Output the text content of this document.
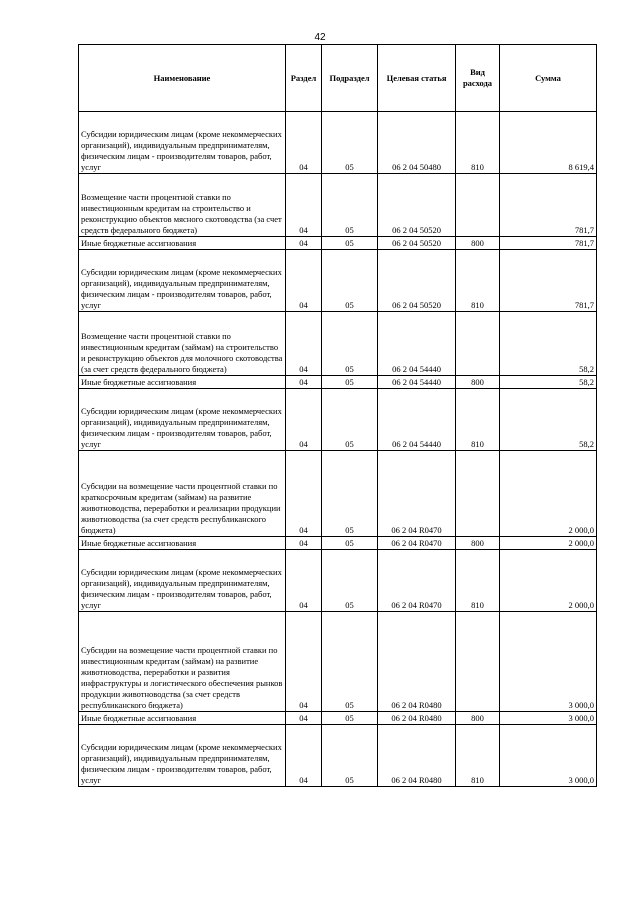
42
Наименование	Раздел	Подраздел	Целевая статья	Вид расхода	Сумма
Субсидии юридическим лицам (кроме некоммерческих организаций), индивидуальным предпринимателям, физическим лицам - производителям товаров, работ, услуг	04	05	06 2 04 50480	810	8 619,4
Возмещение части процентной ставки по инвестиционным кредитам на строительство и реконструкцию объектов мясного скотоводства (за счет средств федерального бюджета)	04	05	06 2 04 50520		781,7
Иные бюджетные ассигнования	04	05	06 2 04 50520	800	781,7
Субсидии юридическим лицам (кроме некоммерческих организаций), индивидуальным предпринимателям, физическим лицам - производителям товаров, работ, услуг	04	05	06 2 04 50520	810	781,7
Возмещение части процентной ставки по инвестиционным кредитам (займам) на строительство и реконструкцию объектов для молочного скотоводства (за счет средств федерального бюджета)	04	05	06 2 04 54440		58,2
Иные бюджетные ассигнования	04	05	06 2 04 54440	800	58,2
Субсидии юридическим лицам (кроме некоммерческих организаций), индивидуальным предпринимателям, физическим лицам - производителям товаров, работ, услуг	04	05	06 2 04 54440	810	58,2
Субсидии на возмещение части процентной ставки по краткосрочным кредитам (займам) на развитие животноводства, переработки и реализации продукции животноводства (за счет средств республиканского бюджета)	04	05	06 2 04 R0470		2 000,0
Иные бюджетные ассигнования	04	05	06 2 04 R0470	800	2 000,0
Субсидии юридическим лицам (кроме некоммерческих организаций), индивидуальным предпринимателям, физическим лицам - производителям товаров, работ, услуг	04	05	06 2 04 R0470	810	2 000,0
Субсидии на возмещение части процентной ставки по инвестиционным кредитам (займам) на развитие животноводства, переработки и развития инфраструктуры и логистического обеспечения рынков продукции животноводства (за счет средств республиканского бюджета)	04	05	06 2 04 R0480		3 000,0
Иные бюджетные ассигнования	04	05	06 2 04 R0480	800	3 000,0
Субсидии юридическим лицам (кроме некоммерческих организаций), индивидуальным предпринимателям, физическим лицам - производителям товаров, работ, услуг	04	05	06 2 04 R0480	810	3 000,0
